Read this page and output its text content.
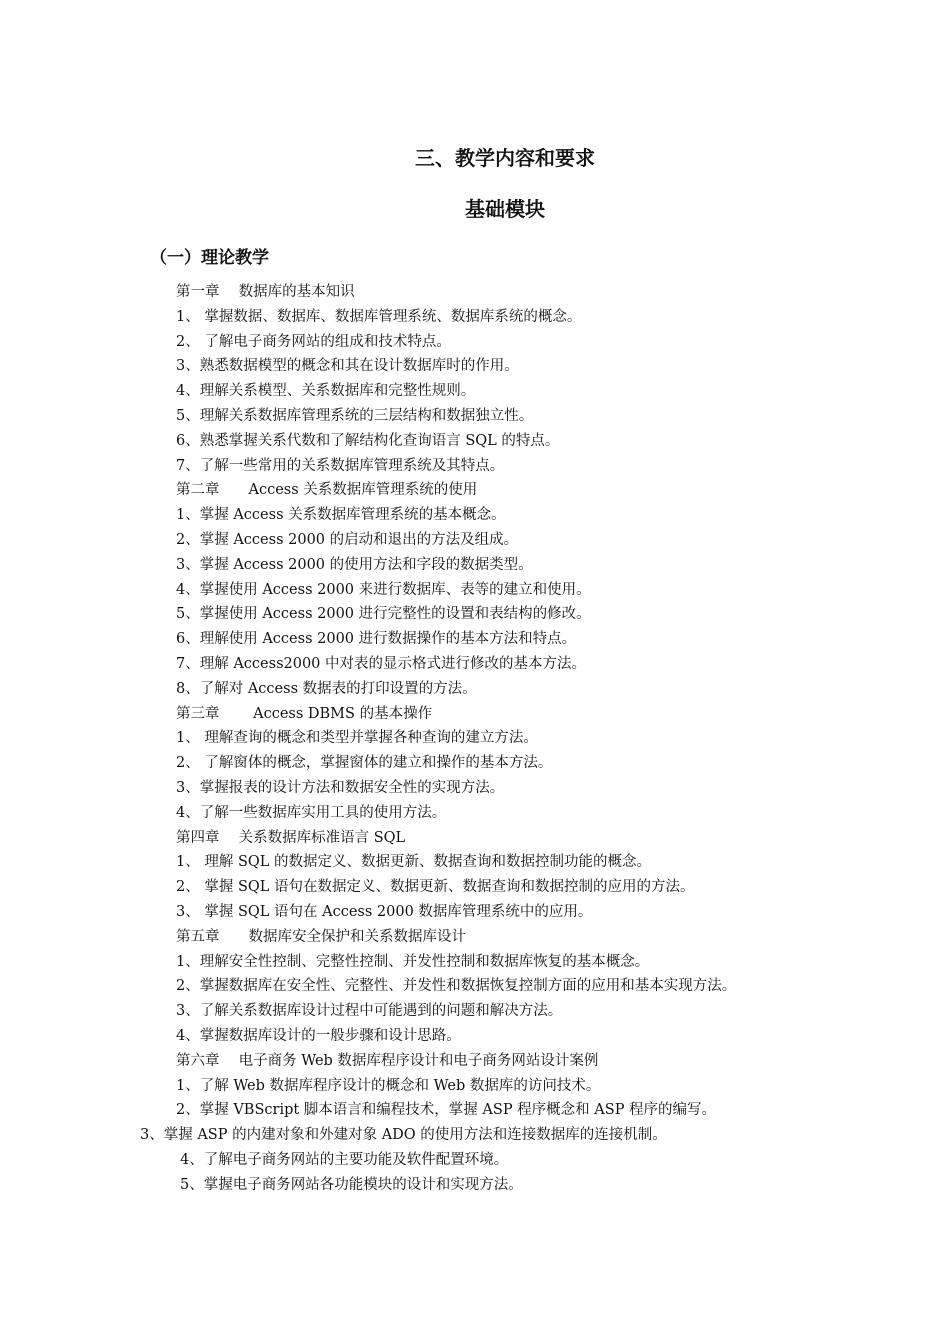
三、教学内容和要求
基础模块
（一）理论教学
第一章　 数据库的基本知识
1、 掌握数据、数据库、数据库管理系统、数据库系统的概念。
2、 了解电子商务网站的组成和技术特点。
3、熟悉数据模型的概念和其在设计数据库时的作用。
4、理解关系模型、关系数据库和完整性规则。
5、理解关系数据库管理系统的三层结构和数据独立性。
6、熟悉掌握关系代数和了解结构化查询语言 SQL 的特点。
7、了解一些常用的关系数据库管理系统及其特点。
第二章　　Access 关系数据库管理系统的使用
1、掌握 Access 关系数据库管理系统的基本概念。
2、掌握 Access 2000 的启动和退出的方法及组成。
3、掌握 Access 2000 的使用方法和字段的数据类型。
4、掌握使用 Access 2000 来进行数据库、表等的建立和使用。
5、掌握使用 Access 2000 进行完整性的设置和表结构的修改。
6、理解使用 Access 2000 进行数据操作的基本方法和特点。
7、理解 Access2000 中对表的显示格式进行修改的基本方法。
8、了解对 Access 数据表的打印设置的方法。
第三章　　 Access DBMS 的基本操作
1、 理解查询的概念和类型并掌握各种查询的建立方法。
2、 了解窗体的概念，掌握窗体的建立和操作的基本方法。
3、掌握报表的设计方法和数据安全性的实现方法。
4、了解一些数据库实用工具的使用方法。
第四章　 关系数据库标准语言 SQL
1、 理解 SQL 的数据定义、数据更新、数据查询和数据控制功能的概念。
2、 掌握 SQL 语句在数据定义、数据更新、数据查询和数据控制的应用的方法。
3、 掌握 SQL 语句在 Access 2000 数据库管理系统中的应用。
第五章　　数据库安全保护和关系数据库设计
1、理解安全性控制、完整性控制、并发性控制和数据库恢复的基本概念。
2、掌握数据库在安全性、完整性、并发性和数据恢复控制方面的应用和基本实现方法。
3、了解关系数据库设计过程中可能遇到的问题和解决方法。
4、掌握数据库设计的一般步骤和设计思路。
第六章　 电子商务 Web 数据库程序设计和电子商务网站设计案例
1、了解 Web 数据库程序设计的概念和 Web 数据库的访问技术。
2、掌握 VBScript 脚本语言和编程技术，掌握 ASP 程序概念和 ASP 程序的编写。
3、掌握 ASP 的内建对象和外建对象 ADO 的使用方法和连接数据库的连接机制。
4、了解电子商务网站的主要功能及软件配置环境。
5、掌握电子商务网站各功能模块的设计和实现方法。
